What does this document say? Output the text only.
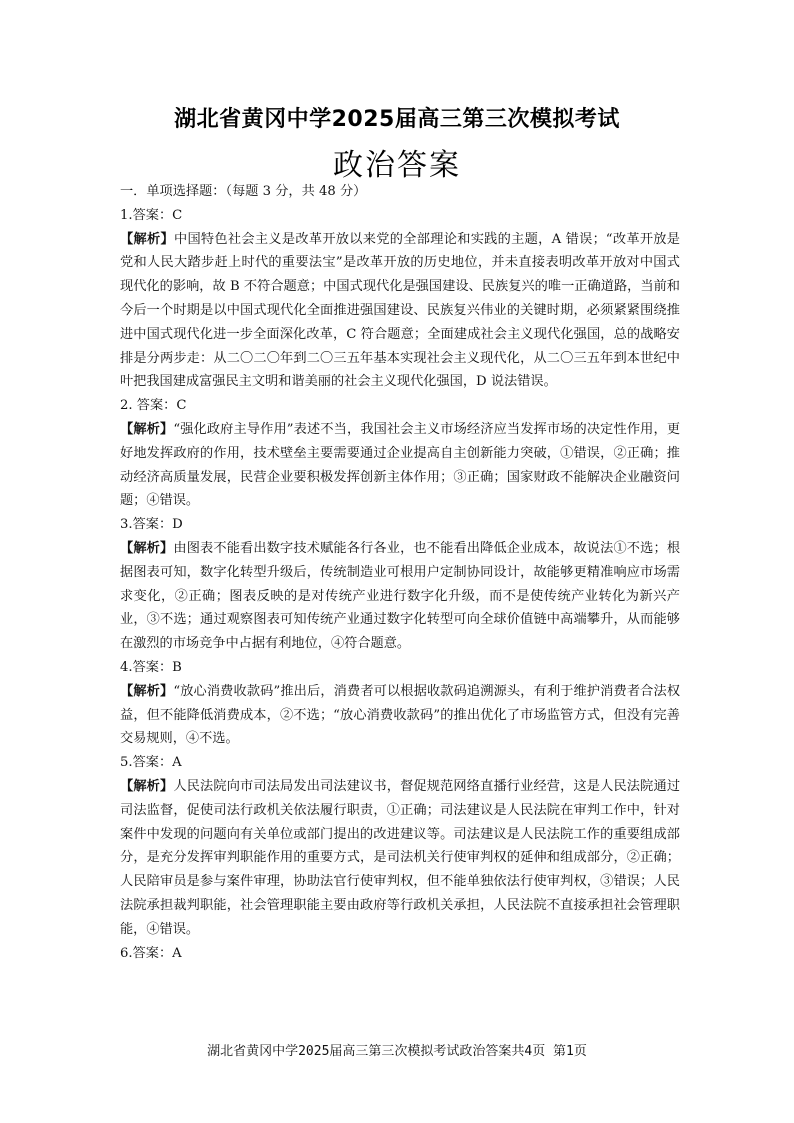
湖北省黄冈中学2025届高三第三次模拟考试
政治答案

一．单项选择题：（每题 3 分，共 48 分）

1.答案：C

【解析】中国特色社会主义是改革开放以来党的全部理论和实践的主题，A 错误；“改革开放是党和人民大踏步赶上时代的重要法宝”是改革开放的历史地位，并未直接表明改革开放对中国式现代化的影响，故 B 不符合题意；中国式现代化是强国建设、民族复兴的唯一正确道路，当前和今后一个时期是以中国式现代化全面推进强国建设、民族复兴伟业的关键时期，必须紧紧围绕推进中国式现代化进一步全面深化改革，C 符合题意；全面建成社会主义现代化强国，总的战略安排是分两步走：从二〇二〇年到二〇三五年基本实现社会主义现代化，从二〇三五年到本世纪中叶把我国建成富强民主文明和谐美丽的社会主义现代化强国，D 说法错误。

2. 答案：C

【解析】“强化政府主导作用”表述不当，我国社会主义市场经济应当发挥市场的决定性作用，更好地发挥政府的作用，技术壁垒主要需要通过企业提高自主创新能力突破，①错误，②正确；推动经济高质量发展，民营企业要积极发挥创新主体作用；③正确；国家财政不能解决企业融资问题；④错误。

3.答案：D

【解析】由图表不能看出数字技术赋能各行各业，也不能看出降低企业成本，故说法①不选；根据图表可知，数字化转型升级后，传统制造业可根用户定制协同设计，故能够更精准响应市场需求变化，②正确；图表反映的是对传统产业进行数字化升级，而不是使传统产业转化为新兴产业，③不选；通过观察图表可知传统产业通过数字化转型可向全球价值链中高端攀升，从而能够在激烈的市场竞争中占据有利地位，④符合题意。

4.答案：B

【解析】“放心消费收款码”推出后，消费者可以根据收款码追溯源头，有利于维护消费者合法权益，但不能降低消费成本，②不选；“放心消费收款码”的推出优化了市场监管方式，但没有完善交易规则，④不选。

5.答案：A

【解析】人民法院向市司法局发出司法建议书，督促规范网络直播行业经营，这是人民法院通过司法监督，促使司法行政机关依法履行职责，①正确；司法建议是人民法院在审判工作中，针对案件中发现的问题向有关单位或部门提出的改进建议等。司法建议是人民法院工作的重要组成部分，是充分发挥审判职能作用的重要方式，是司法机关行使审判权的延伸和组成部分，②正确；人民陪审员是参与案件审理，协助法官行使审判权，但不能单独依法行使审判权，③错误；人民法院承担裁判职能，社会管理职能主要由政府等行政机关承担，人民法院不直接承担社会管理职能，④错误。

6.答案：A

湖北省黄冈中学2025届高三第三次模拟考试政治答案共4页 第1页
